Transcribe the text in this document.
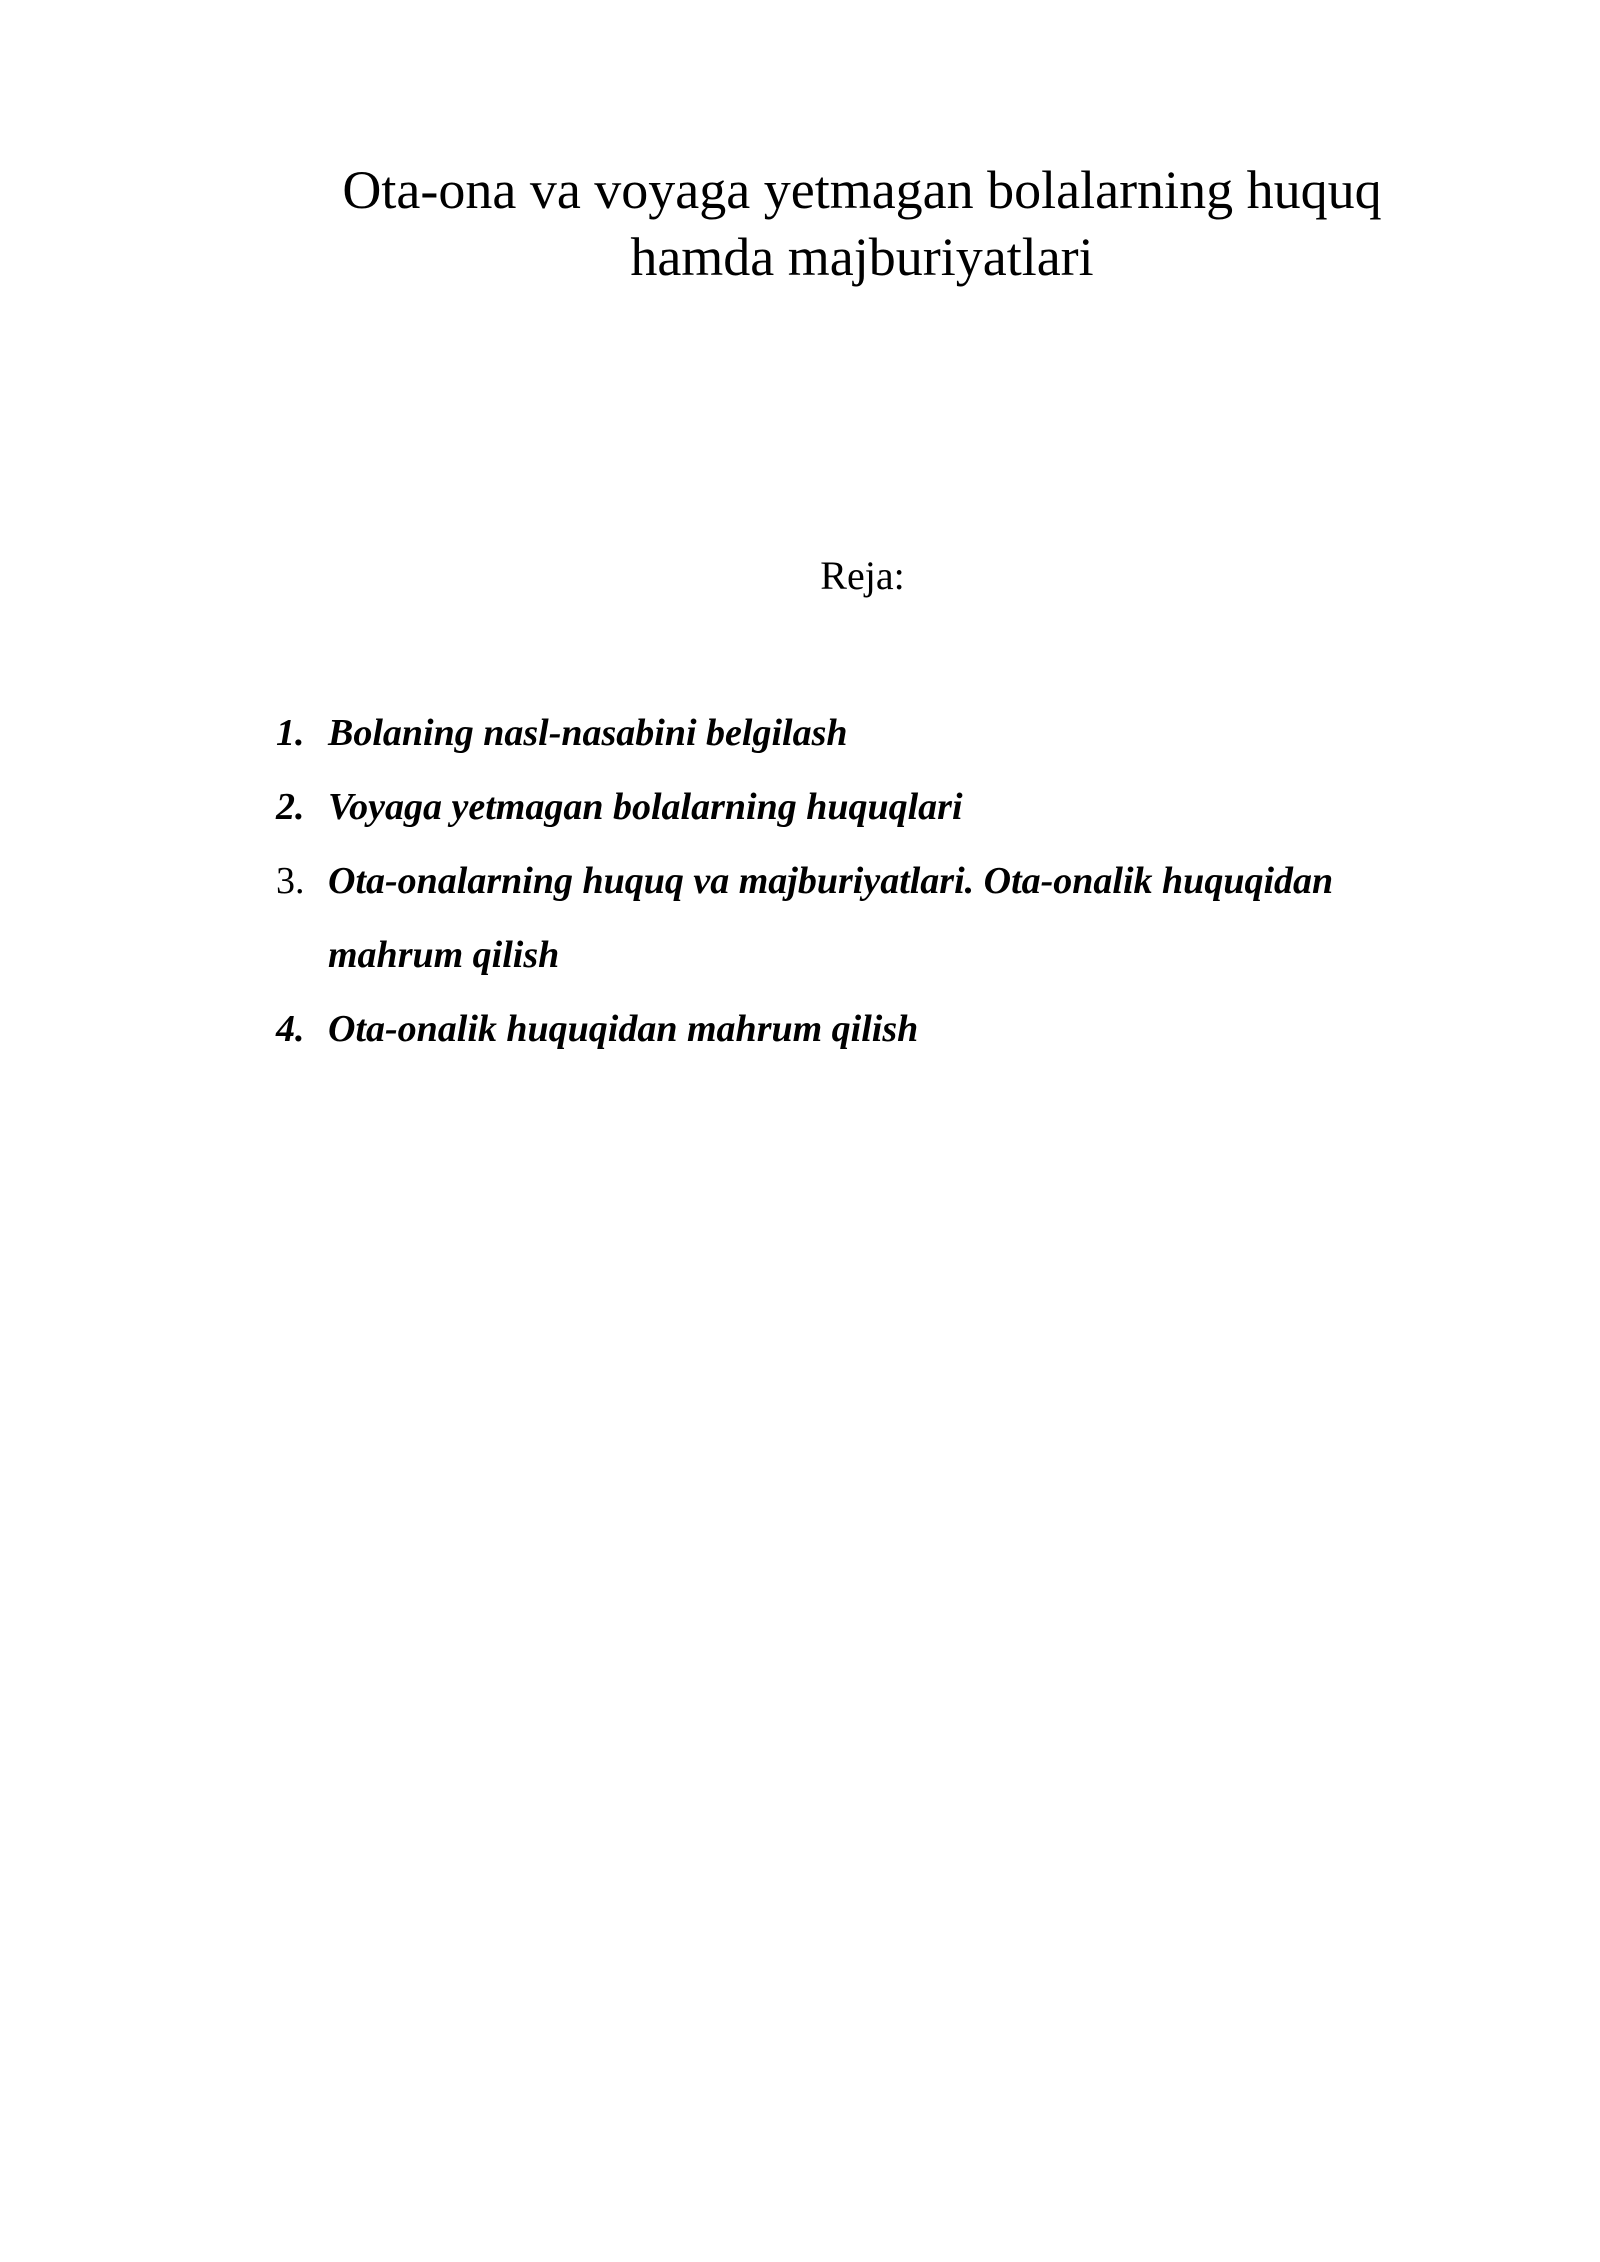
Ota-ona va voyaga yetmagan bolalarning huquq
hamda majburiyatlari

Reja:

1. Bolaning nasl-nasabini belgilash
2. Voyaga yetmagan bolalarning huquqlari
3. Ota-onalarning huquq va majburiyatlari. Ota-onalik huquqidan
mahrum qilish
4. Ota-onalik huquqidan mahrum qilish
